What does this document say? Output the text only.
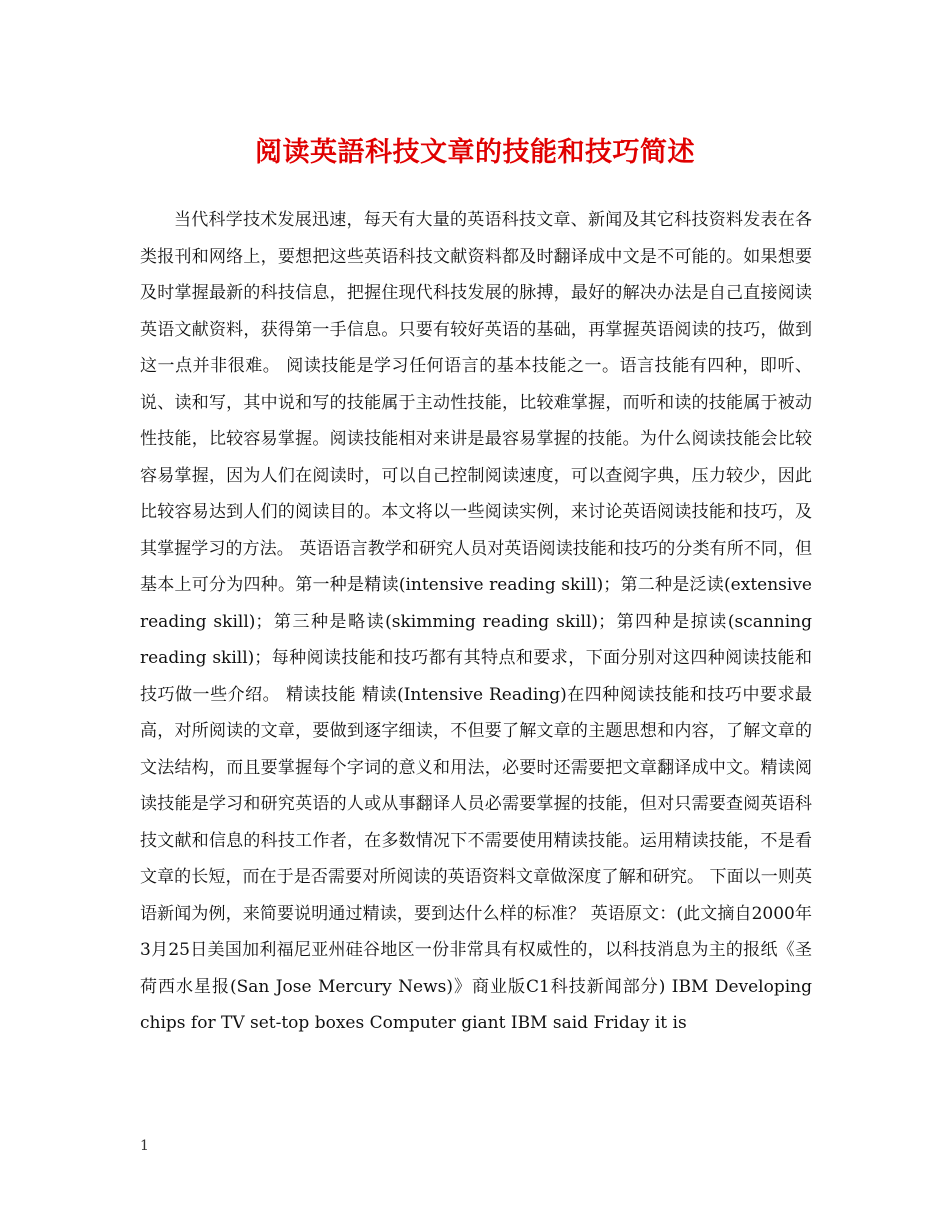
阅读英語科技文章的技能和技巧简述

当代科学技术发展迅速，每天有大量的英语科技文章、新闻及其它科技资料发表在各类报刊和网络上，要想把这些英语科技文献资料都及时翻译成中文是不可能的。如果想要及时掌握最新的科技信息，把握住现代科技发展的脉搏，最好的解决办法是自己直接阅读英语文献资料，获得第一手信息。只要有较好英语的基础，再掌握英语阅读的技巧，做到这一点并非很难。 阅读技能是学习任何语言的基本技能之一。语言技能有四种，即听、说、读和写，其中说和写的技能属于主动性技能，比较难掌握，而听和读的技能属于被动性技能，比较容易掌握。阅读技能相对来讲是最容易掌握的技能。为什么阅读技能会比较容易掌握，因为人们在阅读时，可以自己控制阅读速度，可以查阅字典，压力较少，因此比较容易达到人们的阅读目的。本文将以一些阅读实例，来讨论英语阅读技能和技巧，及其掌握学习的方法。 英语语言教学和研究人员对英语阅读技能和技巧的分类有所不同，但基本上可分为四种。第一种是精读(intensive reading skill)；第二种是泛读(extensive reading skill)；第三种是略读(skimming reading skill)；第四种是掠读(scanning reading skill)；每种阅读技能和技巧都有其特点和要求，下面分别对这四种阅读技能和技巧做一些介绍。 精读技能 精读(Intensive Reading)在四种阅读技能和技巧中要求最高，对所阅读的文章，要做到逐字细读，不但要了解文章的主题思想和内容，了解文章的文法结构，而且要掌握每个字词的意义和用法，必要时还需要把文章翻译成中文。精读阅读技能是学习和研究英语的人或从事翻译人员必需要掌握的技能，但对只需要查阅英语科技文献和信息的科技工作者，在多数情况下不需要使用精读技能。运用精读技能，不是看文章的长短，而在于是否需要对所阅读的英语资料文章做深度了解和研究。 下面以一则英语新闻为例，来简要说明通过精读，要到达什么样的标准？ 英语原文：(此文摘自2000年3月25日美国加利福尼亚州硅谷地区一份非常具有权威性的，以科技消息为主的报纸《圣荷西水星报(San Jose Mercury News)》商业版C1科技新闻部分) IBM Developing chips for TV set-top boxes Computer giant IBM said Friday it is

1
